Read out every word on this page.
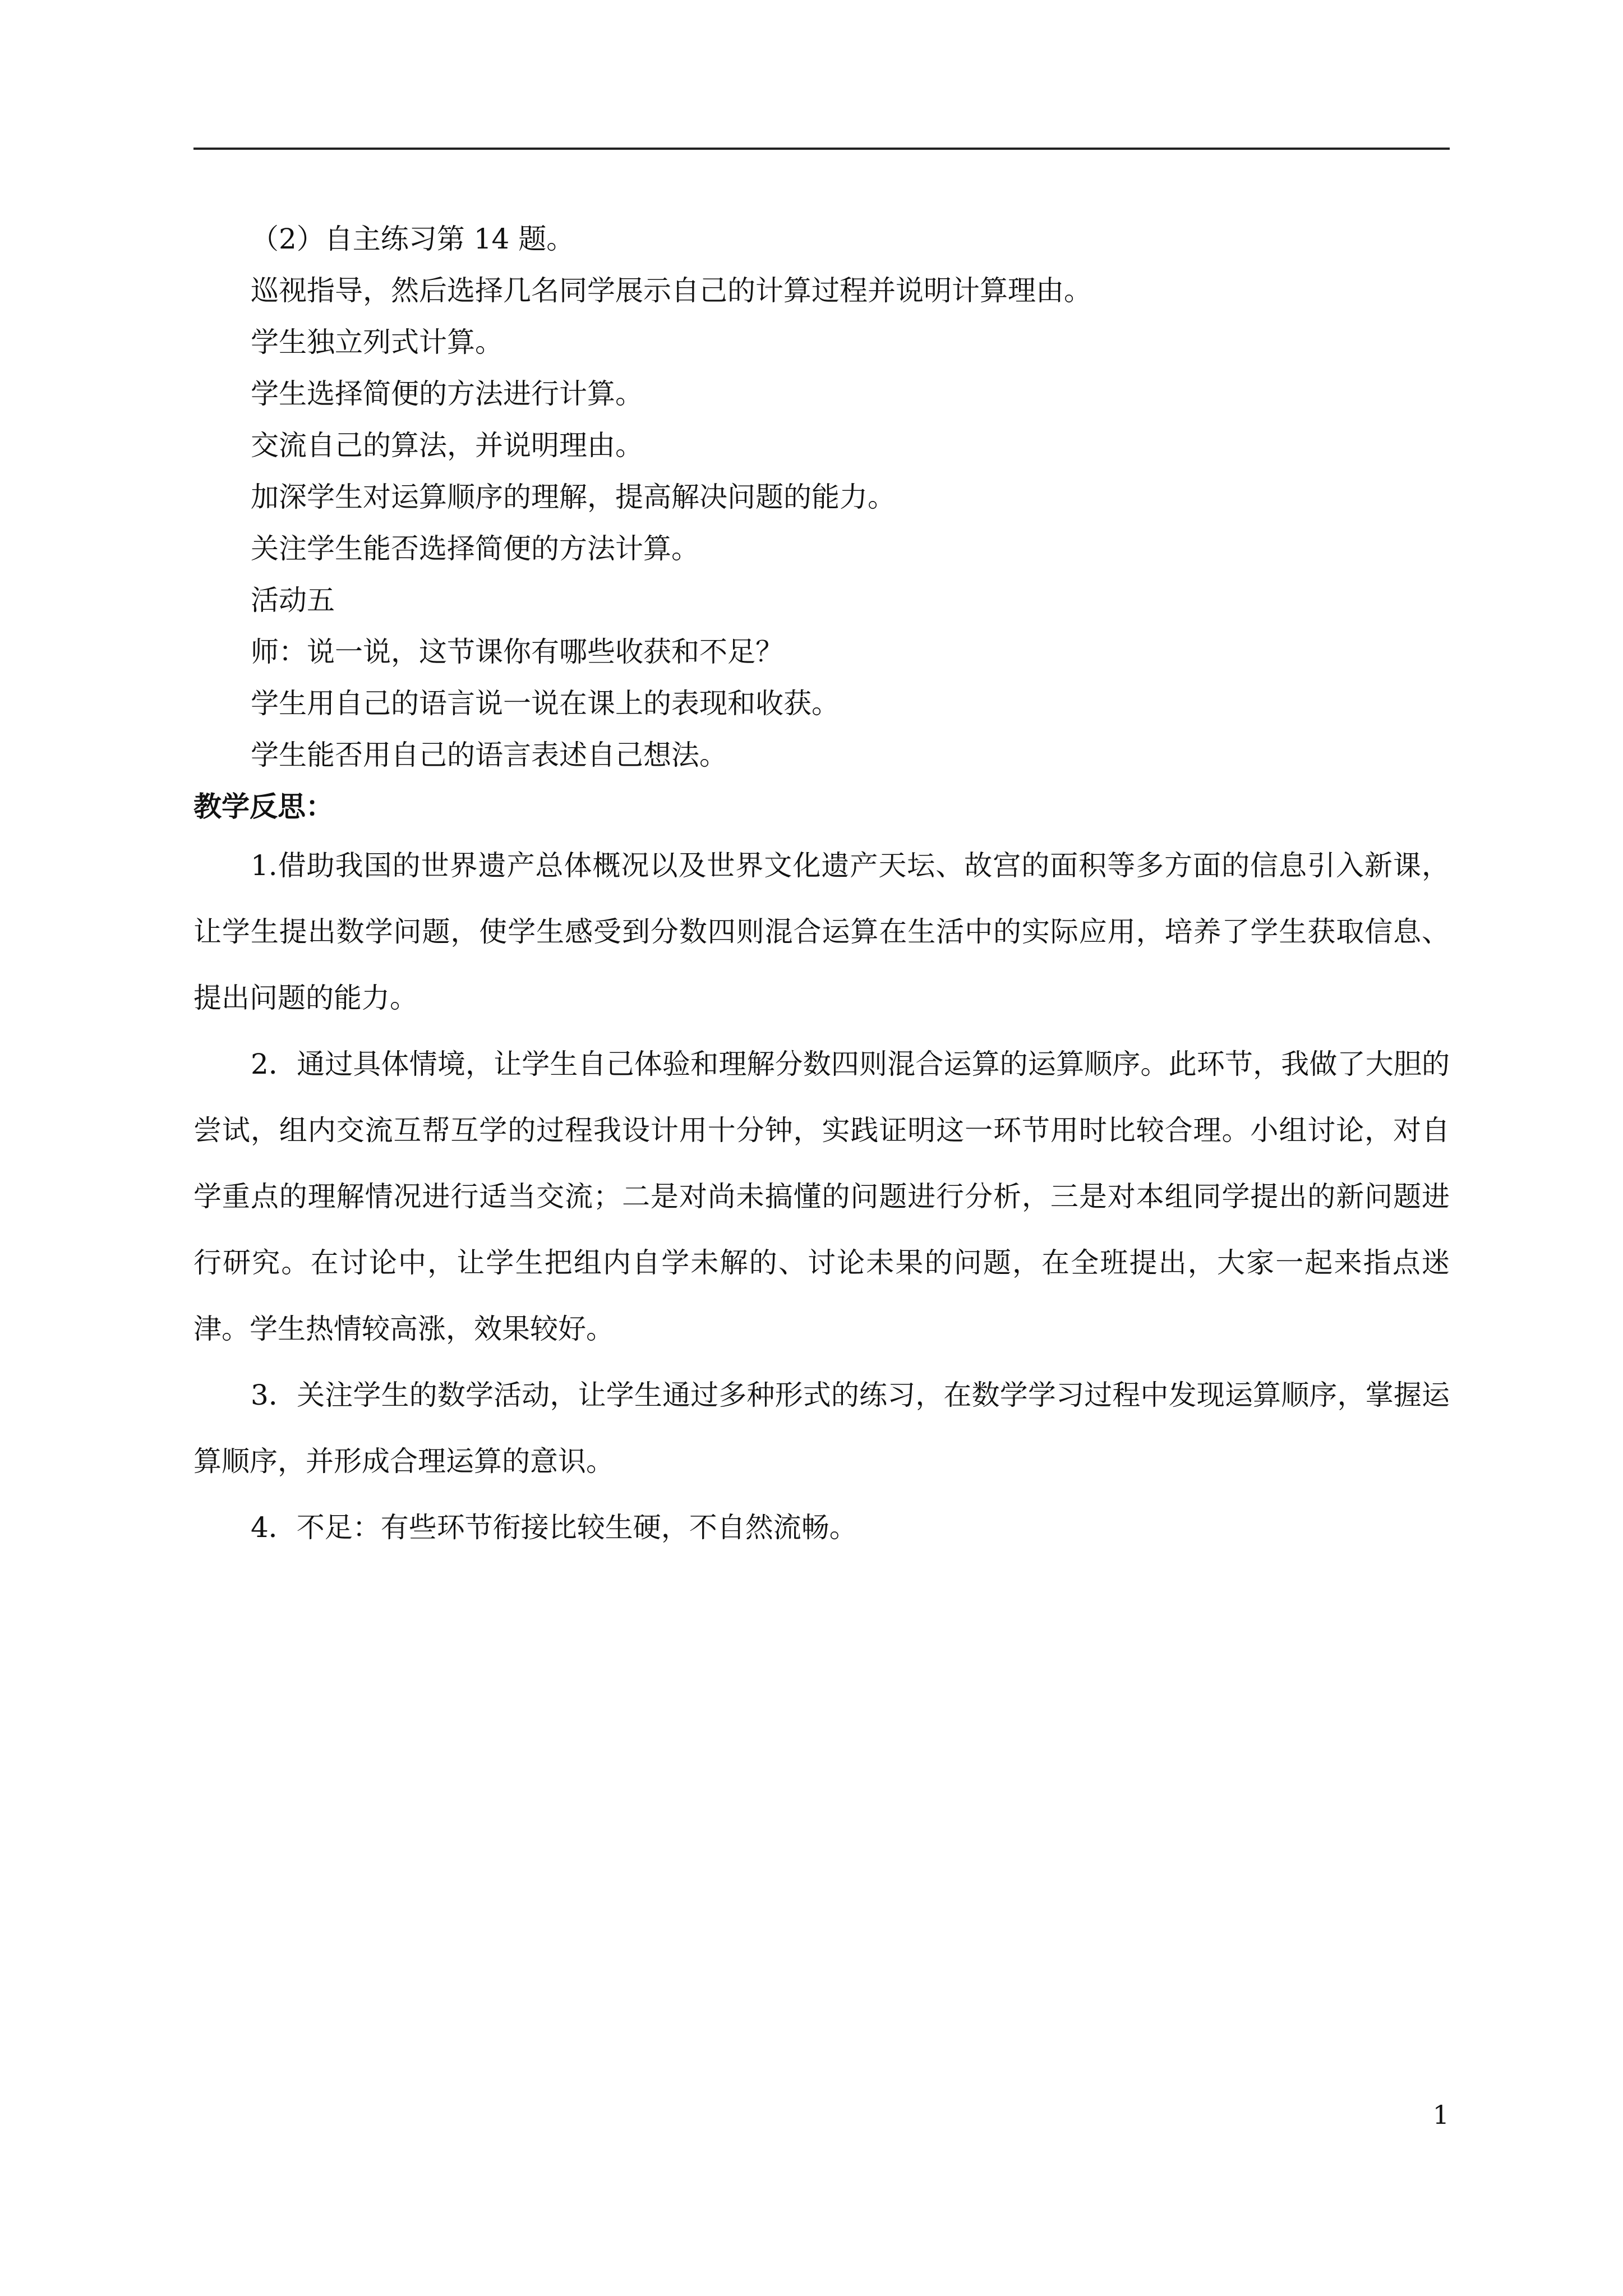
（2）自主练习第 14 题。

巡视指导，然后选择几名同学展示自己的计算过程并说明计算理由。

学生独立列式计算。

学生选择简便的方法进行计算。

交流自己的算法，并说明理由。

加深学生对运算顺序的理解，提高解决问题的能力。

关注学生能否选择简便的方法计算。

活动五

师：说一说，这节课你有哪些收获和不足？

学生用自己的语言说一说在课上的表现和收获。

学生能否用自己的语言表述自己想法。

教学反思：

1.借助我国的世界遗产总体概况以及世界文化遗产天坛、故宫的面积等多方面的信息引入新课，让学生提出数学问题，使学生感受到分数四则混合运算在生活中的实际应用，培养了学生获取信息、提出问题的能力。

2．通过具体情境，让学生自己体验和理解分数四则混合运算的运算顺序。此环节，我做了大胆的尝试，组内交流互帮互学的过程我设计用十分钟，实践证明这一环节用时比较合理。小组讨论，对自学重点的理解情况进行适当交流；二是对尚未搞懂的问题进行分析，三是对本组同学提出的新问题进行研究。在讨论中，让学生把组内自学未解的、讨论未果的问题，在全班提出，大家一起来指点迷津。学生热情较高涨，效果较好。

3．关注学生的数学活动，让学生通过多种形式的练习，在数学学习过程中发现运算顺序，掌握运算顺序，并形成合理运算的意识。

4．不足：有些环节衔接比较生硬，不自然流畅。

1
